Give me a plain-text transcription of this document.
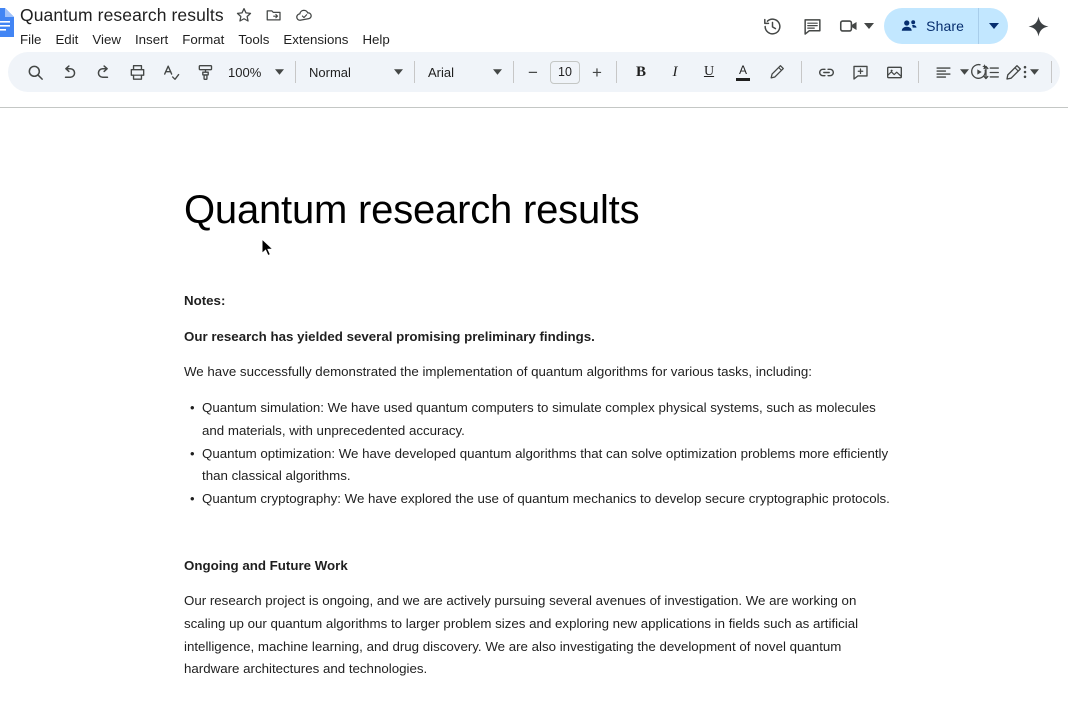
Quantum research results
File	Edit	View	Insert	Format	Tools	Extensions	Help
Share
100%	Normal	Arial	−	10	+	B I U A
Quantum research results

Notes:

Our research has yielded several promising preliminary findings.

We have successfully demonstrated the implementation of quantum algorithms for various tasks, including:

• Quantum simulation: We have used quantum computers to simulate complex physical systems, such as molecules and materials, with unprecedented accuracy.
• Quantum optimization: We have developed quantum algorithms that can solve optimization problems more efficiently than classical algorithms.
• Quantum cryptography: We have explored the use of quantum mechanics to develop secure cryptographic protocols.

Ongoing and Future Work

Our research project is ongoing, and we are actively pursuing several avenues of investigation. We are working on scaling up our quantum algorithms to larger problem sizes and exploring new applications in fields such as artificial intelligence, machine learning, and drug discovery. We are also investigating the development of novel quantum hardware architectures and technologies.
